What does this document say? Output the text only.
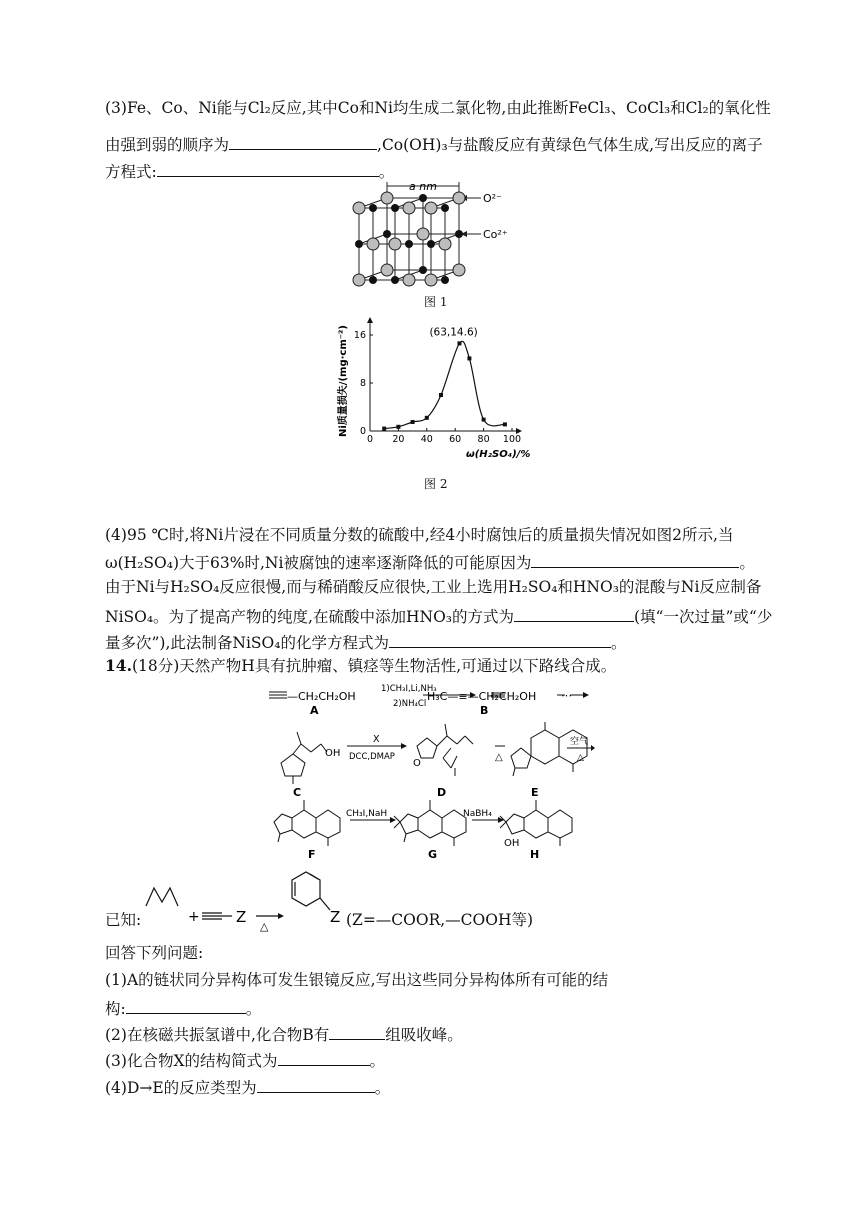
(3)Fe、Co、Ni能与Cl₂反应,其中Co和Ni均生成二氯化物,由此推断FeCl₃、CoCl₃和Cl₂的氧化性
由强到弱的顺序为	,Co(OH)₃与盐酸反应有黄绿色气体生成,写出反应的离子
方程式:	。
a nm
O²⁻
Co²⁺
图 1
0 20 40 60 80 100
0
8
16	(63,14.6)
Ni质量损失/(mg·cm⁻²)
ω(H₂SO₄)/%
图 2
(4)95 ℃时,将Ni片浸在不同质量分数的硫酸中,经4小时腐蚀后的质量损失情况如图2所示,当
ω(H₂SO₄)大于63%时,Ni被腐蚀的速率逐渐降低的可能原因为	。
由于Ni与H₂SO₄反应很慢,而与稀硝酸反应很快,工业上选用H₂SO₄和HNO₃的混酸与Ni反应制备
NiSO₄。为了提高产物的纯度,在硫酸中添加HNO₃的方式为	(填“一次过量”或“少
量多次”),此法制备NiSO₄的化学方程式为	。
14.(18分)天然产物H具有抗肿瘤、镇痉等生物活性,可通过以下路线合成。
—CH₂CH₂OH
1)CH₃I,Li,NH₃
2)NH₄Cl
H₃C—≡—CH₂CH₂OH ⋯
A	B
OH
O
X
DCC,DMAP	△
空气
△
C	D	E
CH₃I,NaH	NaBH₄
OH
F	G	H
已知:	+ Z
△
Z (Z=—COOR,—COOH等)
回答下列问题:
(1)A的链状同分异构体可发生银镜反应,写出这些同分异构体所有可能的结
构:	。
(2)在核磁共振氢谱中,化合物B有	组吸收峰。
(3)化合物X的结构简式为	。
(4)D→E的反应类型为	。
